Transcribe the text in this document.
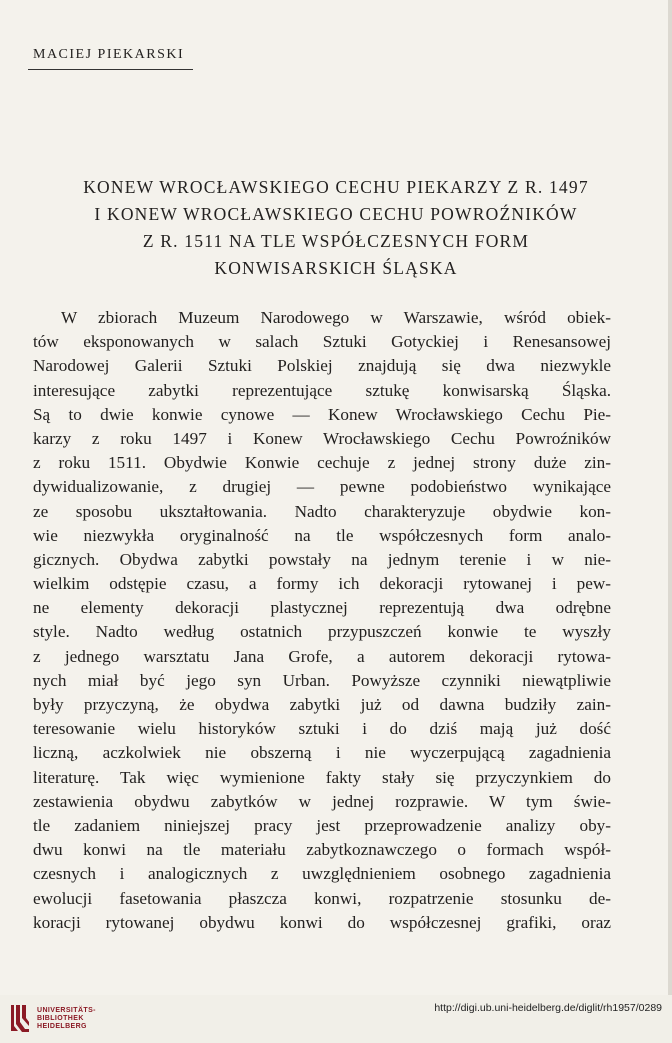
MACIEJ PIEKARSKI
KONEW WROCŁAWSKIEGO CECHU PIEKARZY Z R. 1497
I KONEW WROCŁAWSKIEGO CECHU POWROŹNIKÓW
Z R. 1511 NA TLE WSPÓŁCZESNYCH FORM
KONWISARSKICH ŚLĄSKA
W zbiorach Muzeum Narodowego w Warszawie, wśród obiek-
tów eksponowanych w salach Sztuki Gotyckiej i Renesansowej
Narodowej Galerii Sztuki Polskiej znajdują się dwa niezwykle
interesujące zabytki reprezentujące sztukę konwisarską Śląska.
Są to dwie konwie cynowe — Konew Wrocławskiego Cechu Pie-
karzy z roku 1497 i Konew Wrocławskiego Cechu Powroźników
z roku 1511. Obydwie Konwie cechuje z jednej strony duże zin-
dywidualizowanie, z drugiej — pewne podobieństwo wynikające
ze sposobu ukształtowania. Nadto charakteryzuje obydwie kon-
wie niezwykła oryginalność na tle współczesnych form analo-
gicznych. Obydwa zabytki powstały na jednym terenie i w nie-
wielkim odstępie czasu, a formy ich dekoracji rytowanej i pew-
ne elementy dekoracji plastycznej reprezentują dwa odrębne
style. Nadto według ostatnich przypuszczeń konwie te wyszły
z jednego warsztatu Jana Grofe, a autorem dekoracji rytowa-
nych miał być jego syn Urban. Powyższe czynniki niewątpliwie
były przyczyną, że obydwa zabytki już od dawna budziły zain-
teresowanie wielu historyków sztuki i do dziś mają już dość
liczną, aczkolwiek nie obszerną i nie wyczerpującą zagadnienia
literaturę. Tak więc wymienione fakty stały się przyczynkiem do
zestawienia obydwu zabytków w jednej rozprawie. W tym świe-
tle zadaniem niniejszej pracy jest przeprowadzenie analizy oby-
dwu konwi na tle materiału zabytkoznawczego o formach współ-
czesnych i analogicznych z uwzględnieniem osobnego zagadnienia
ewolucji fasetowania płaszcza konwi, rozpatrzenie stosunku de-
koracji rytowanej obydwu konwi do współczesnej grafiki, oraz
UNIVERSITÄTS-
BIBLIOTHEK
HEIDELBERG
http://digi.ub.uni-heidelberg.de/diglit/rh1957/0289
